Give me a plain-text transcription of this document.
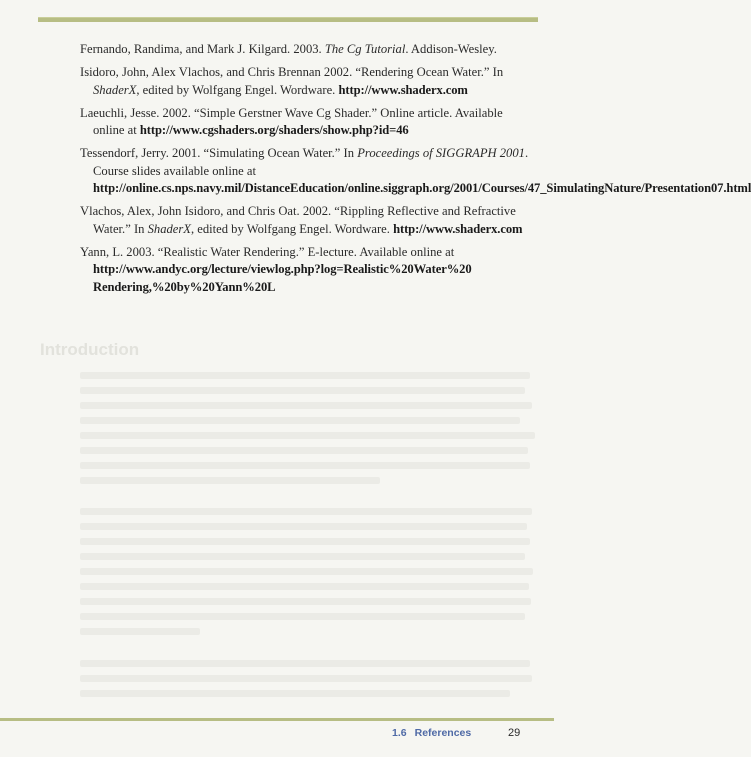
Fernando, Randima, and Mark J. Kilgard. 2003. The Cg Tutorial. Addison-Wesley.

Isidoro, John, Alex Vlachos, and Chris Brennan 2002. “Rendering Ocean Water.” In ShaderX, edited by Wolfgang Engel. Wordware. http://www.shaderx.com

Laeuchli, Jesse. 2002. “Simple Gerstner Wave Cg Shader.” Online article. Available online at http://www.cgshaders.org/shaders/show.php?id=46

Tessendorf, Jerry. 2001. “Simulating Ocean Water.” In Proceedings of SIGGRAPH 2001. Course slides available online at http://online.cs.nps.navy.mil/DistanceEducation/online.siggraph.org/2001/Courses/47_SimulatingNature/Presentation07.html

Vlachos, Alex, John Isidoro, and Chris Oat. 2002. “Rippling Reflective and Refractive Water.” In ShaderX, edited by Wolfgang Engel. Wordware. http://www.shaderx.com

Yann, L. 2003. “Realistic Water Rendering.” E-lecture. Available online at http://www.andyc.org/lecture/viewlog.php?log=Realistic%20Water%20 Rendering,%20by%20Yann%20L

Introduction
1.6 References	29
